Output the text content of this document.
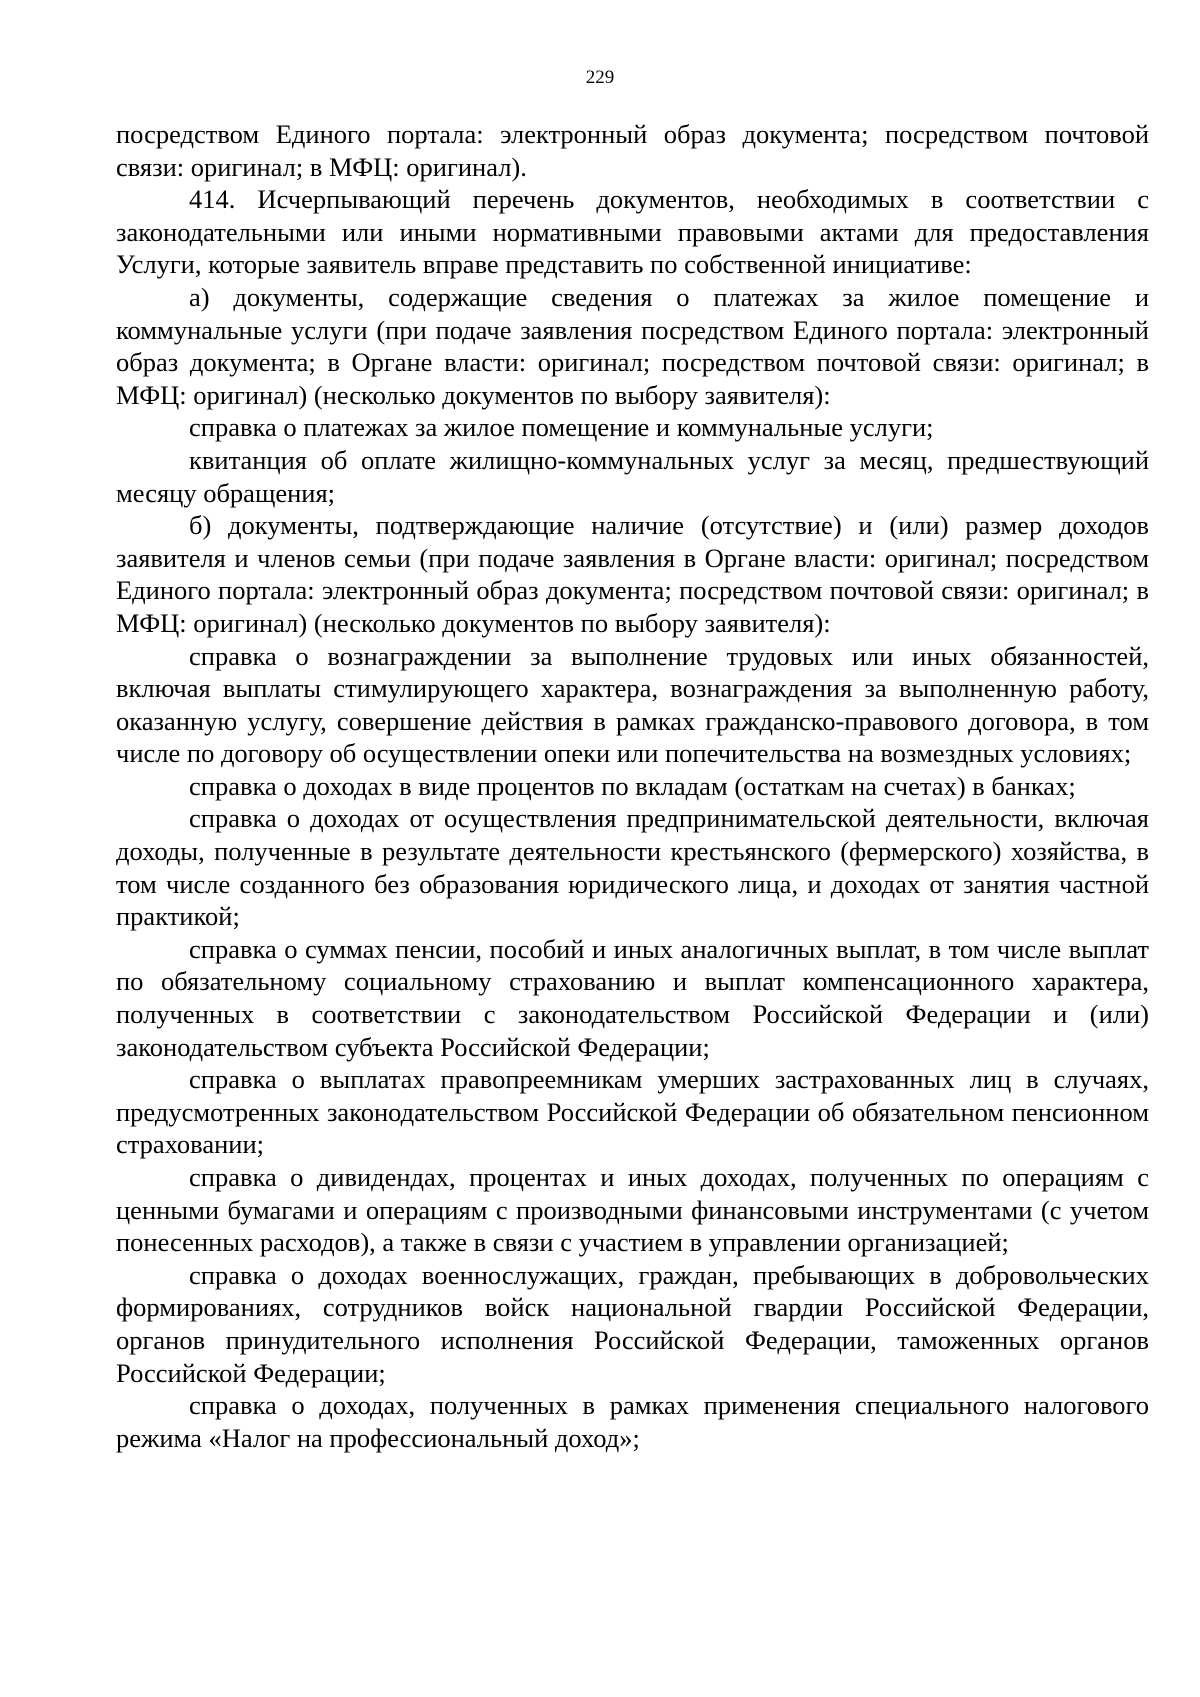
229

посредством Единого портала: электронный образ документа; посредством почтовой связи: оригинал; в МФЦ: оригинал).

414. Исчерпывающий перечень документов, необходимых в соответствии с законодательными или иными нормативными правовыми актами для предоставления Услуги, которые заявитель вправе представить по собственной инициативе:

а) документы, содержащие сведения о платежах за жилое помещение и коммунальные услуги (при подаче заявления посредством Единого портала: электронный образ документа; в Органе власти: оригинал; посредством почтовой связи: оригинал; в МФЦ: оригинал) (несколько документов по выбору заявителя):

справка о платежах за жилое помещение и коммунальные услуги;

квитанция об оплате жилищно-коммунальных услуг за месяц, предшествующий месяцу обращения;

б) документы, подтверждающие наличие (отсутствие) и (или) размер доходов заявителя и членов семьи (при подаче заявления в Органе власти: оригинал; посредством Единого портала: электронный образ документа; посредством почтовой связи: оригинал; в МФЦ: оригинал) (несколько документов по выбору заявителя):

справка о вознаграждении за выполнение трудовых или иных обязанностей, включая выплаты стимулирующего характера, вознаграждения за выполненную работу, оказанную услугу, совершение действия в рамках гражданско-правового договора, в том числе по договору об осуществлении опеки или попечительства на возмездных условиях;

справка о доходах в виде процентов по вкладам (остаткам на счетах) в банках;

справка о доходах от осуществления предпринимательской деятельности, включая доходы, полученные в результате деятельности крестьянского (фермерского) хозяйства, в том числе созданного без образования юридического лица, и доходах от занятия частной практикой;

справка о суммах пенсии, пособий и иных аналогичных выплат, в том числе выплат по обязательному социальному страхованию и выплат компенсационного характера, полученных в соответствии с законодательством Российской Федерации и (или) законодательством субъекта Российской Федерации;

справка о выплатах правопреемникам умерших застрахованных лиц в случаях, предусмотренных законодательством Российской Федерации об обязательном пенсионном страховании;

справка о дивидендах, процентах и иных доходах, полученных по операциям с ценными бумагами и операциям с производными финансовыми инструментами (с учетом понесенных расходов), а также в связи с участием в управлении организацией;

справка о доходах военнослужащих, граждан, пребывающих в добровольческих формированиях, сотрудников войск национальной гвардии Российской Федерации, органов принудительного исполнения Российской Федерации, таможенных органов Российской Федерации;

справка о доходах, полученных в рамках применения специального налогового режима «Налог на профессиональный доход»;
